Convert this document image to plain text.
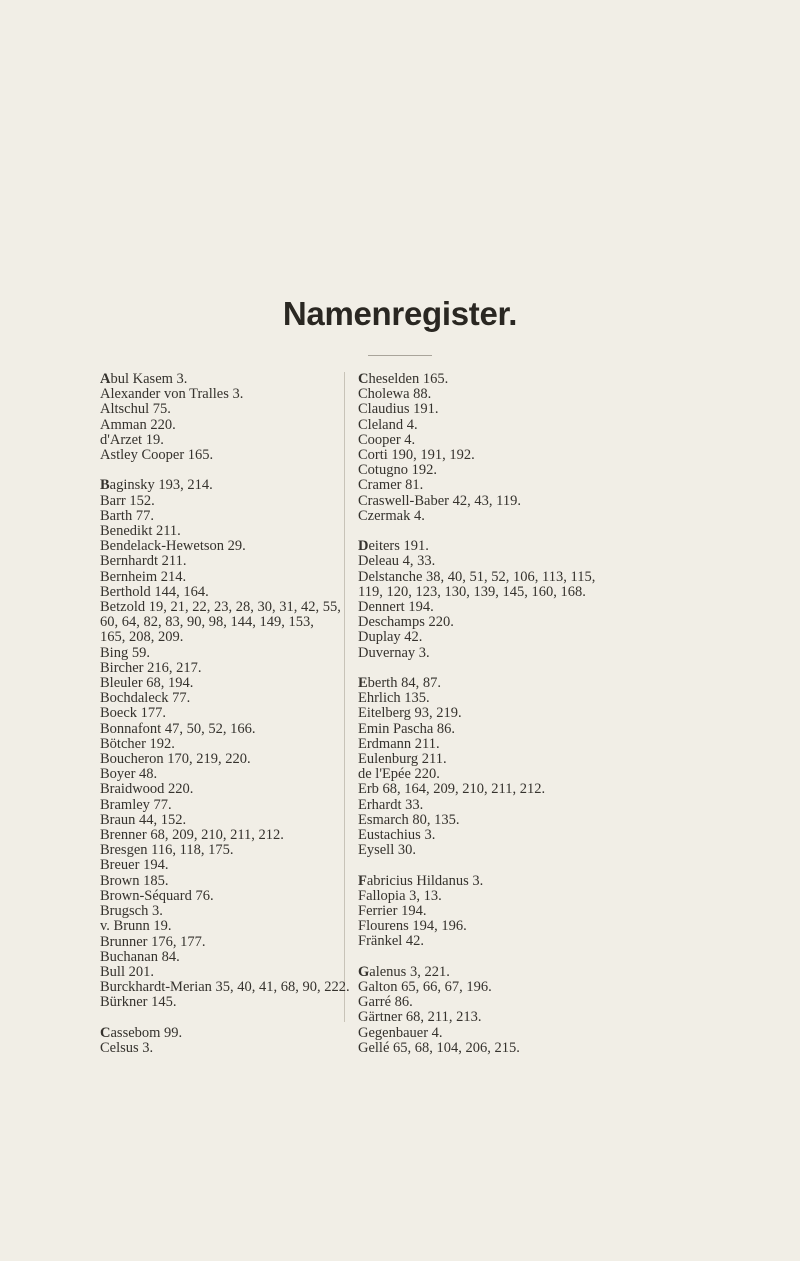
Namenregister.
Abul Kasem 3.
Alexander von Tralles 3.
Altschul 75.
Amman 220.
d'Arzet 19.
Astley Cooper 165.
Baginsky 193, 214.
Barr 152.
Barth 77.
Benedikt 211.
Bendelack-Hewetson 29.
Bernhardt 211.
Bernheim 214.
Berthold 144, 164.
Betzold 19, 21, 22, 23, 28, 30, 31, 42, 55,
60, 64, 82, 83, 90, 98, 144, 149, 153,
165, 208, 209.
Bing 59.
Bircher 216, 217.
Bleuler 68, 194.
Bochdaleck 77.
Boeck 177.
Bonnafont 47, 50, 52, 166.
Bötcher 192.
Boucheron 170, 219, 220.
Boyer 48.
Braidwood 220.
Bramley 77.
Braun 44, 152.
Brenner 68, 209, 210, 211, 212.
Bresgen 116, 118, 175.
Breuer 194.
Brown 185.
Brown-Séquard 76.
Brugsch 3.
v. Brunn 19.
Brunner 176, 177.
Buchanan 84.
Bull 201.
Burckhardt-Merian 35, 40, 41, 68, 90, 222.
Bürkner 145.
Cassebom 99.
Celsus 3.
Cheselden 165.
Cholewa 88.
Claudius 191.
Cleland 4.
Cooper 4.
Corti 190, 191, 192.
Cotugno 192.
Cramer 81.
Craswell-Baber 42, 43, 119.
Czermak 4.
Deiters 191.
Deleau 4, 33.
Delstanche 38, 40, 51, 52, 106, 113, 115,
119, 120, 123, 130, 139, 145, 160, 168.
Dennert 194.
Deschamps 220.
Duplay 42.
Duvernay 3.
Eberth 84, 87.
Ehrlich 135.
Eitelberg 93, 219.
Emin Pascha 86.
Erdmann 211.
Eulenburg 211.
de l'Epée 220.
Erb 68, 164, 209, 210, 211, 212.
Erhardt 33.
Esmarch 80, 135.
Eustachius 3.
Eysell 30.
Fabricius Hildanus 3.
Fallopia 3, 13.
Ferrier 194.
Flourens 194, 196.
Fränkel 42.
Galenus 3, 221.
Galton 65, 66, 67, 196.
Garré 86.
Gärtner 68, 211, 213.
Gegenbauer 4.
Gellé 65, 68, 104, 206, 215.
